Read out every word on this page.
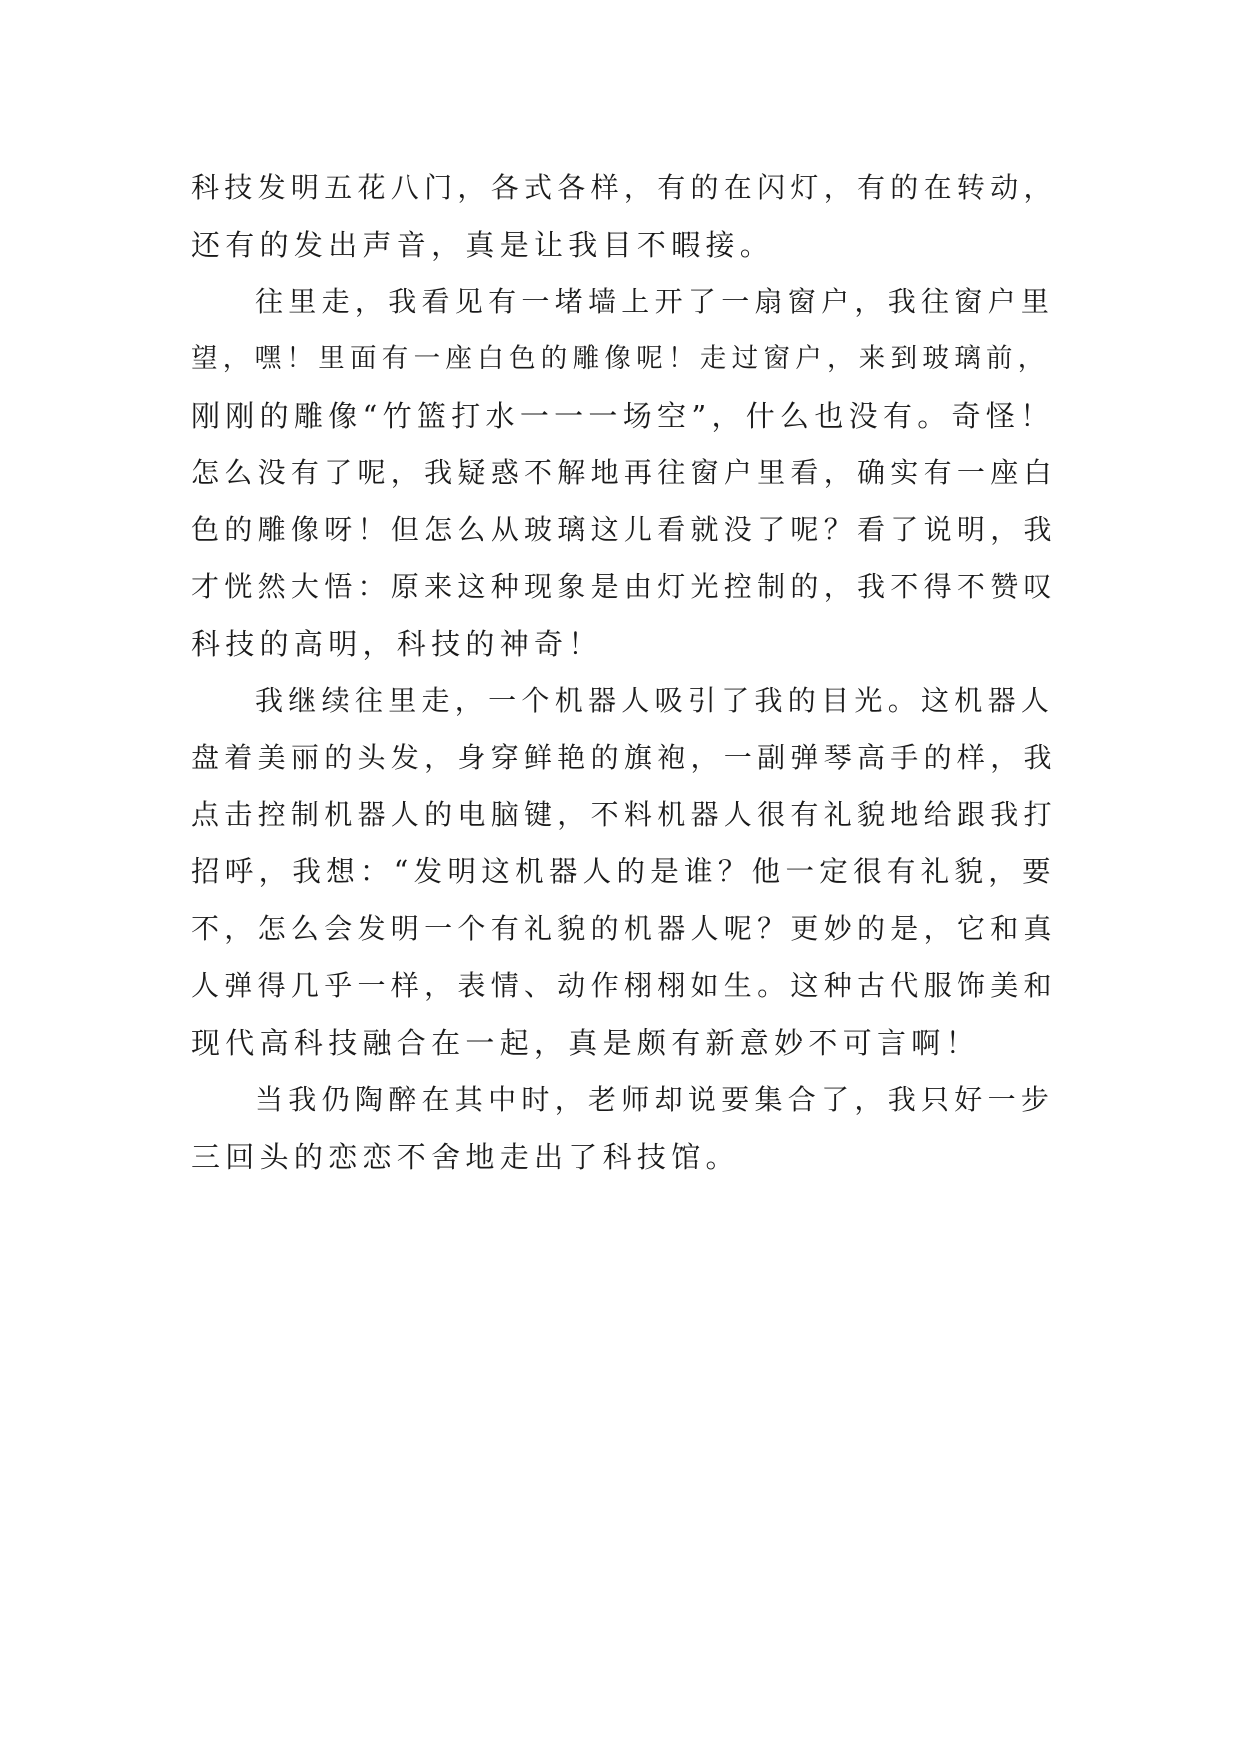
科技发明五花八门，各式各样，有的在闪灯，有的在转动，
还有的发出声音，真是让我目不暇接。
往里走，我看见有一堵墙上开了一扇窗户，我往窗户里
望，嘿！里面有一座白色的雕像呢！走过窗户，来到玻璃前，
刚刚的雕像“竹篮打水一一一场空”，什么也没有。奇怪！
怎么没有了呢，我疑惑不解地再往窗户里看，确实有一座白
色的雕像呀！但怎么从玻璃这儿看就没了呢？看了说明，我
才恍然大悟：原来这种现象是由灯光控制的，我不得不赞叹
科技的高明，科技的神奇！
我继续往里走，一个机器人吸引了我的目光。这机器人
盘着美丽的头发，身穿鲜艳的旗袍，一副弹琴高手的样，我
点击控制机器人的电脑键，不料机器人很有礼貌地给跟我打
招呼，我想：“发明这机器人的是谁？他一定很有礼貌，要
不，怎么会发明一个有礼貌的机器人呢？更妙的是，它和真
人弹得几乎一样，表情、动作栩栩如生。这种古代服饰美和
现代高科技融合在一起，真是颇有新意妙不可言啊！
当我仍陶醉在其中时，老师却说要集合了，我只好一步
三回头的恋恋不舍地走出了科技馆。
